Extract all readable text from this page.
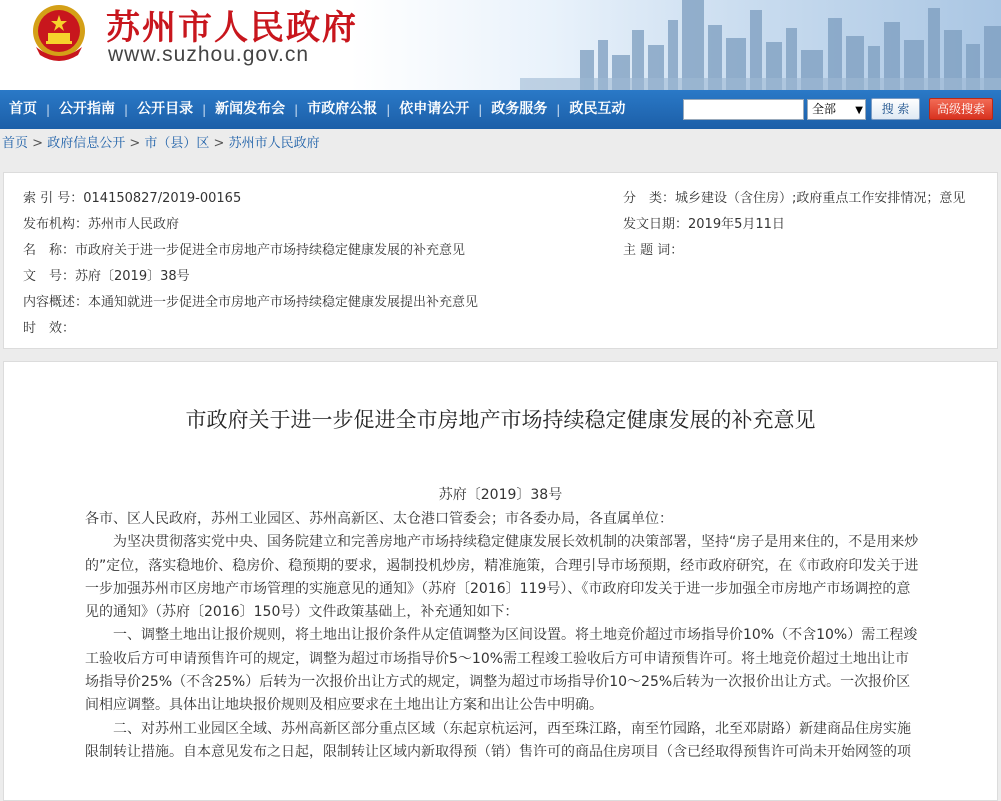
苏州市人民政府
www.suzhou.gov.cn
首页 | 公开指南 | 公开目录 | 新闻发布会 | 市政府公报 | 依申请公开 | 政务服务 | 政民互动	全部 ▼	搜 索	高级搜索
首页 > 政府信息公开 > 市（县）区 > 苏州市人民政府
索 引 号：014150827/2019-00165
发布机构：苏州市人民政府
名　称：市政府关于进一步促进全市房地产市场持续稳定健康发展的补充意见
文　号：苏府〔2019〕38号
内容概述：本通知就进一步促进全市房地产市场持续稳定健康发展提出补充意见
时　效：
分　类：城乡建设（含住房）;政府重点工作安排情况；意见
发文日期：2019年5月11日
主 题 词：
市政府关于进一步促进全市房地产市场持续稳定健康发展的补充意见
苏府〔2019〕38号

各市、区人民政府，苏州工业园区、苏州高新区、太仓港口管委会；市各委办局，各直属单位：

为坚决贯彻落实党中央、国务院建立和完善房地产市场持续稳定健康发展长效机制的决策部署，坚持“房子是用来住的，不是用来炒的”定位，落实稳地价、稳房价、稳预期的要求，遏制投机炒房，精准施策，合理引导市场预期，经市政府研究，在《市政府印发关于进一步加强苏州市区房地产市场管理的实施意见的通知》（苏府〔2016〕119号）、《市政府印发关于进一步加强全市房地产市场调控的意见的通知》（苏府〔2016〕150号）文件政策基础上，补充通知如下：

一、调整土地出让报价规则，将土地出让报价条件从定值调整为区间设置。将土地竞价超过市场指导价10%（不含10%）需工程竣工验收后方可申请预售许可的规定，调整为超过市场指导价5～10%需工程竣工验收后方可申请预售许可。将土地竞价超过土地出让市场指导价25%（不含25%）后转为一次报价出让方式的规定，调整为超过市场指导价10～25%后转为一次报价出让方式。一次报价区间相应调整。具体出让地块报价规则及相应要求在土地出让方案和出让公告中明确。

二、对苏州工业园区全域、苏州高新区部分重点区域（东起京杭运河，西至珠江路，南至竹园路，北至邓尉路）新建商品住房实施限制转让措施。自本意见发布之日起，限制转让区域内新取得预（销）售许可的商品住房项目（含已经取得预售许可尚未开始网签的项
